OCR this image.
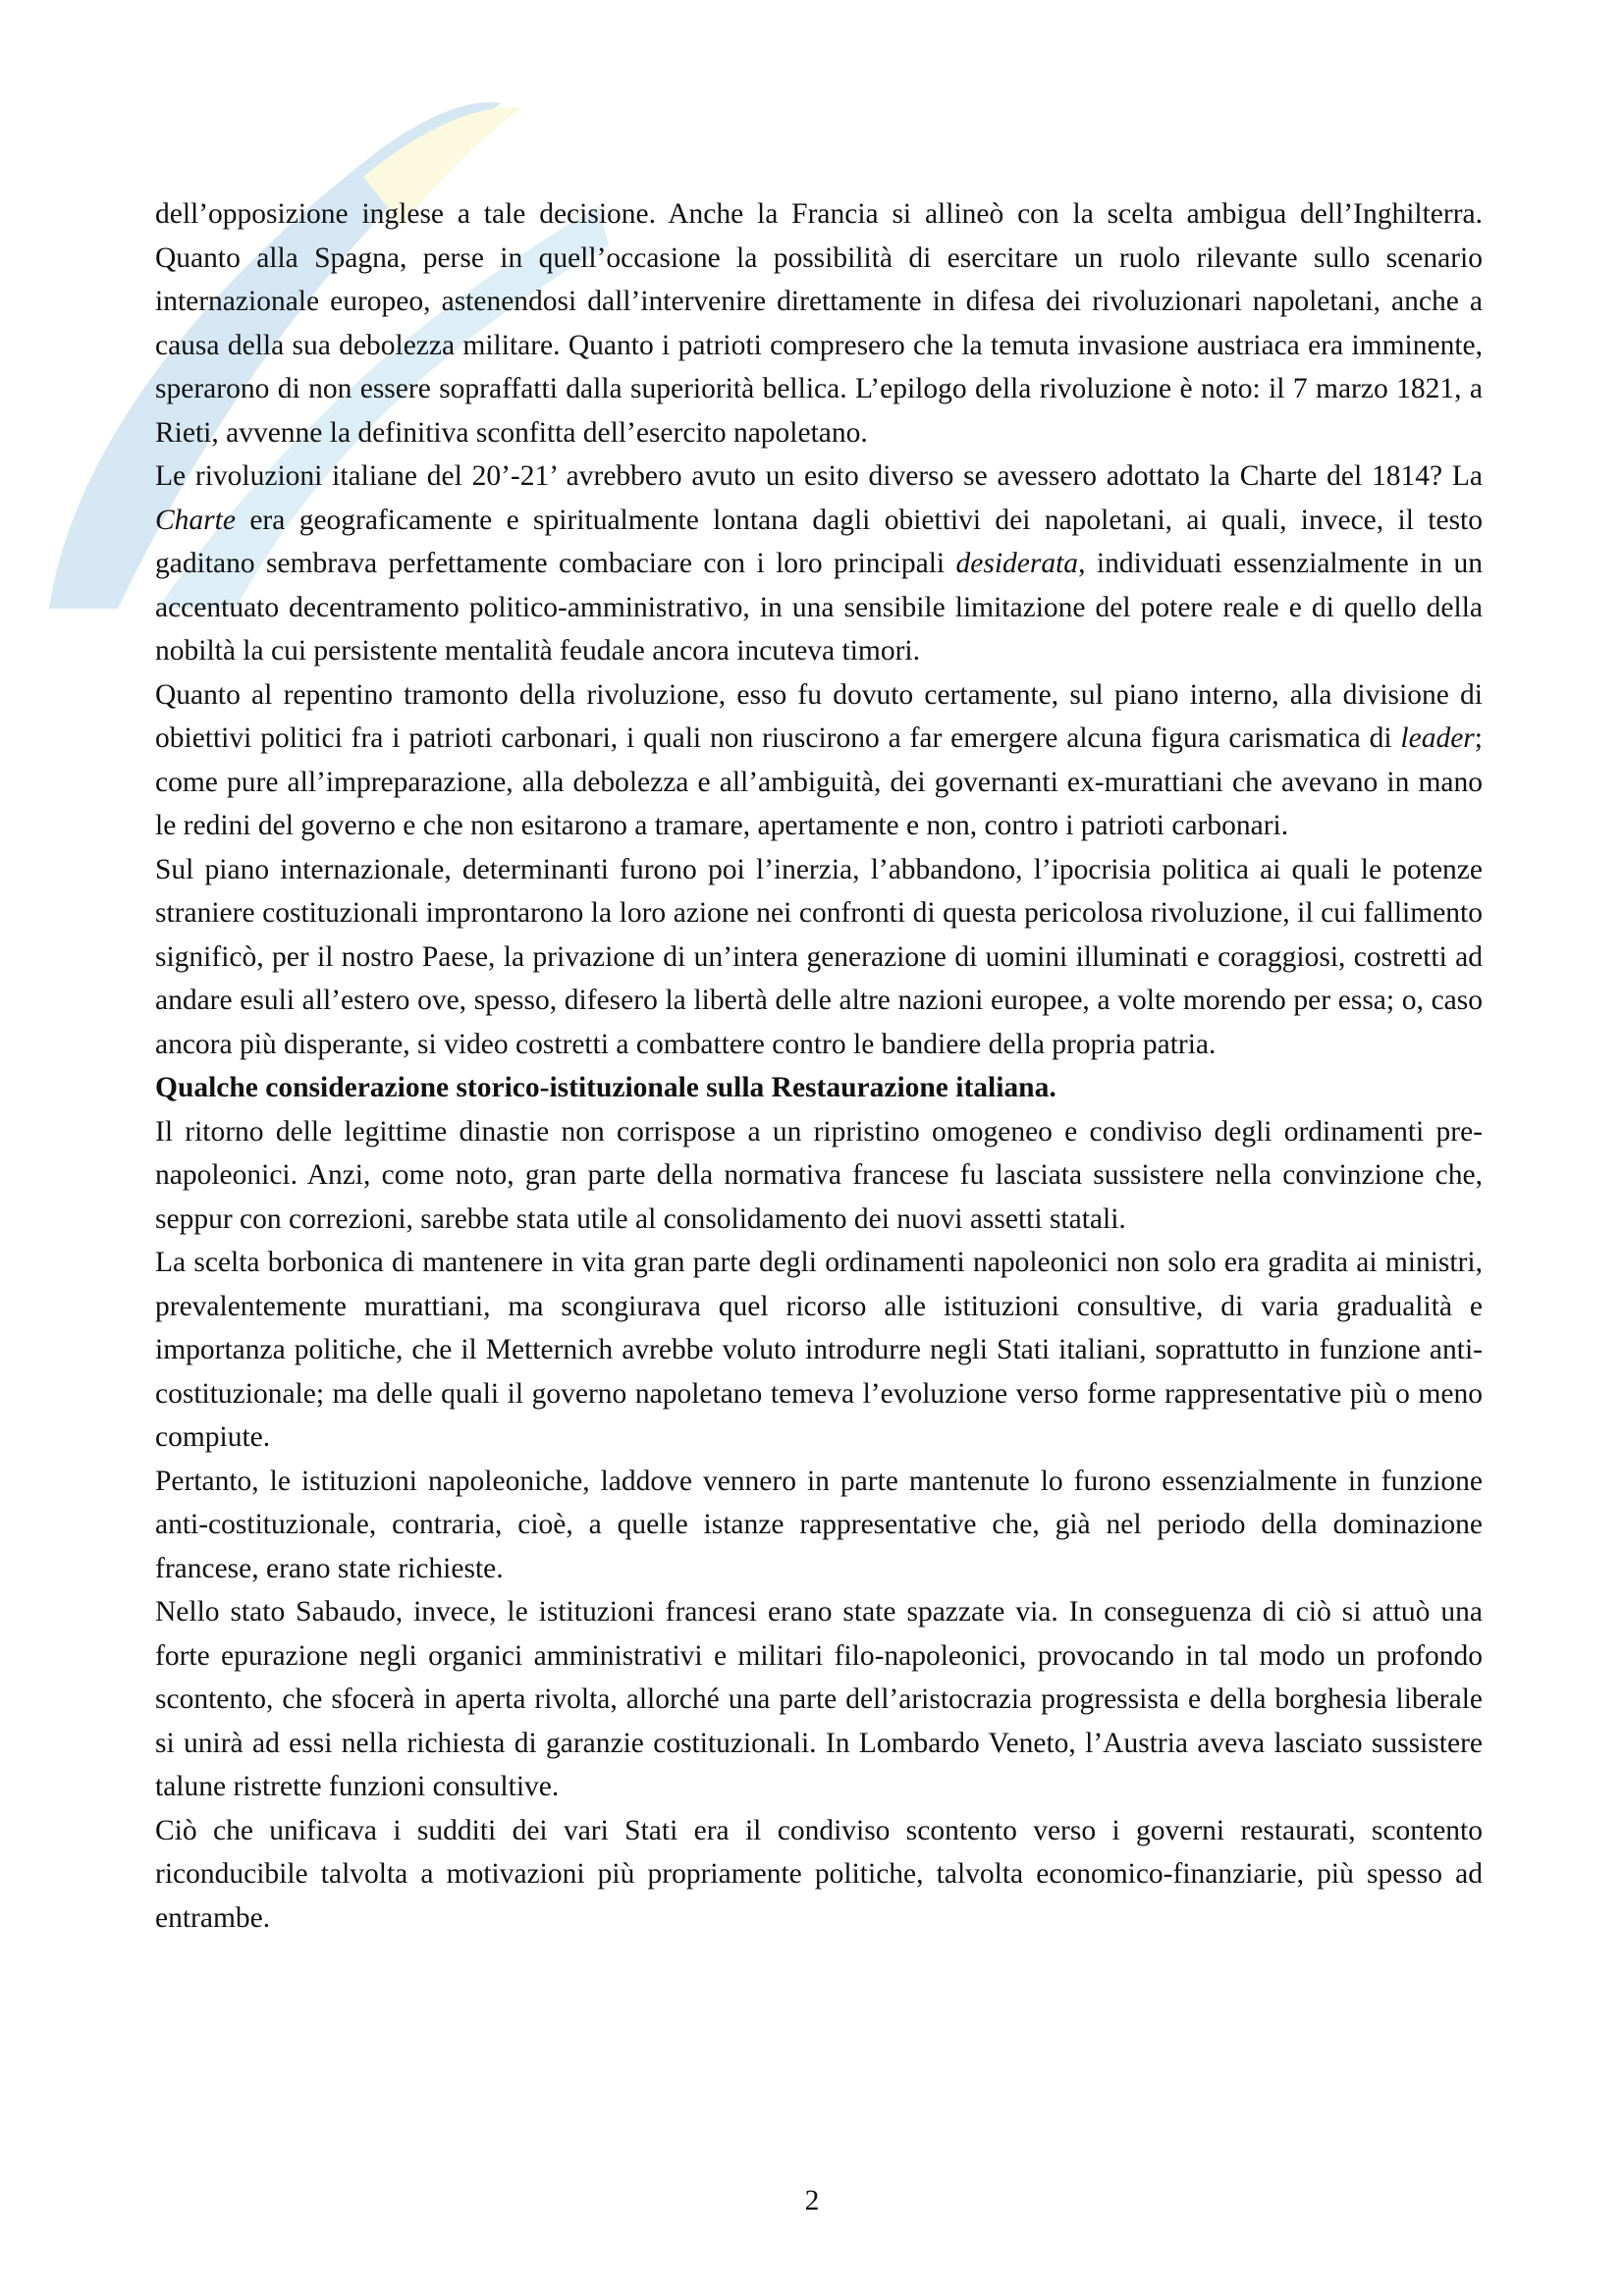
dell’opposizione inglese a tale decisione. Anche la Francia si allineò con la scelta ambigua dell’Inghilterra. Quanto alla Spagna, perse in quell’occasione la possibilità di esercitare un ruolo rilevante sullo scenario internazionale europeo, astenendosi dall’intervenire direttamente in difesa dei rivoluzionari napoletani, anche a causa della sua debolezza militare. Quanto i patrioti compresero che la temuta invasione austriaca era imminente, sperarono di non essere sopraffatti dalla superiorità bellica. L’epilogo della rivoluzione è noto: il 7 marzo 1821, a Rieti, avvenne la definitiva sconfitta dell’esercito napoletano.

Le rivoluzioni italiane del 20’-21’ avrebbero avuto un esito diverso se avessero adottato la Charte del 1814? La Charte era geograficamente e spiritualmente lontana dagli obiettivi dei napoletani, ai quali, invece, il testo gaditano sembrava perfettamente combaciare con i loro principali desiderata, individuati essenzialmente in un accentuato decentramento politico-amministrativo, in una sensibile limitazione del potere reale e di quello della nobiltà la cui persistente mentalità feudale ancora incuteva timori.

Quanto al repentino tramonto della rivoluzione, esso fu dovuto certamente, sul piano interno, alla divisione di obiettivi politici fra i patrioti carbonari, i quali non riuscirono a far emergere alcuna figura carismatica di leader; come pure all’impreparazione, alla debolezza e all’ambiguità, dei governanti ex-murattiani che avevano in mano le redini del governo e che non esitarono a tramare, apertamente e non, contro i patrioti carbonari.

Sul piano internazionale, determinanti furono poi l’inerzia, l’abbandono, l’ipocrisia politica ai quali le potenze straniere costituzionali improntarono la loro azione nei confronti di questa pericolosa rivoluzione, il cui fallimento significò, per il nostro Paese, la privazione di un’intera generazione di uomini illuminati e coraggiosi, costretti ad andare esuli all’estero ove, spesso, difesero la libertà delle altre nazioni europee, a volte morendo per essa; o, caso ancora più disperante, si video costretti a combattere contro le bandiere della propria patria.

Qualche considerazione storico-istituzionale sulla Restaurazione italiana.

Il ritorno delle legittime dinastie non corrispose a un ripristino omogeneo e condiviso degli ordinamenti pre-napoleonici. Anzi, come noto, gran parte della normativa francese fu lasciata sussistere nella convinzione che, seppur con correzioni, sarebbe stata utile al consolidamento dei nuovi assetti statali.

La scelta borbonica di mantenere in vita gran parte degli ordinamenti napoleonici non solo era gradita ai ministri, prevalentemente murattiani, ma scongiurava quel ricorso alle istituzioni consultive, di varia gradualità e importanza politiche, che il Metternich avrebbe voluto introdurre negli Stati italiani, soprattutto in funzione anti-costituzionale; ma delle quali il governo napoletano temeva l’evoluzione verso forme rappresentative più o meno compiute.

Pertanto, le istituzioni napoleoniche, laddove vennero in parte mantenute lo furono essenzialmente in funzione anti-costituzionale, contraria, cioè, a quelle istanze rappresentative che, già nel periodo della dominazione francese, erano state richieste.

Nello stato Sabaudo, invece, le istituzioni francesi erano state spazzate via. In conseguenza di ciò si attuò una forte epurazione negli organici amministrativi e militari filo-napoleonici, provocando in tal modo un profondo scontento, che sfocerà in aperta rivolta, allorché una parte dell’aristocrazia progressista e della borghesia liberale si unirà ad essi nella richiesta di garanzie costituzionali. In Lombardo Veneto, l’Austria aveva lasciato sussistere talune ristrette funzioni consultive.

Ciò che unificava i sudditi dei vari Stati era il condiviso scontento verso i governi restaurati, scontento riconducibile talvolta a motivazioni più propriamente politiche, talvolta economico-finanziarie, più spesso ad entrambe.

2
